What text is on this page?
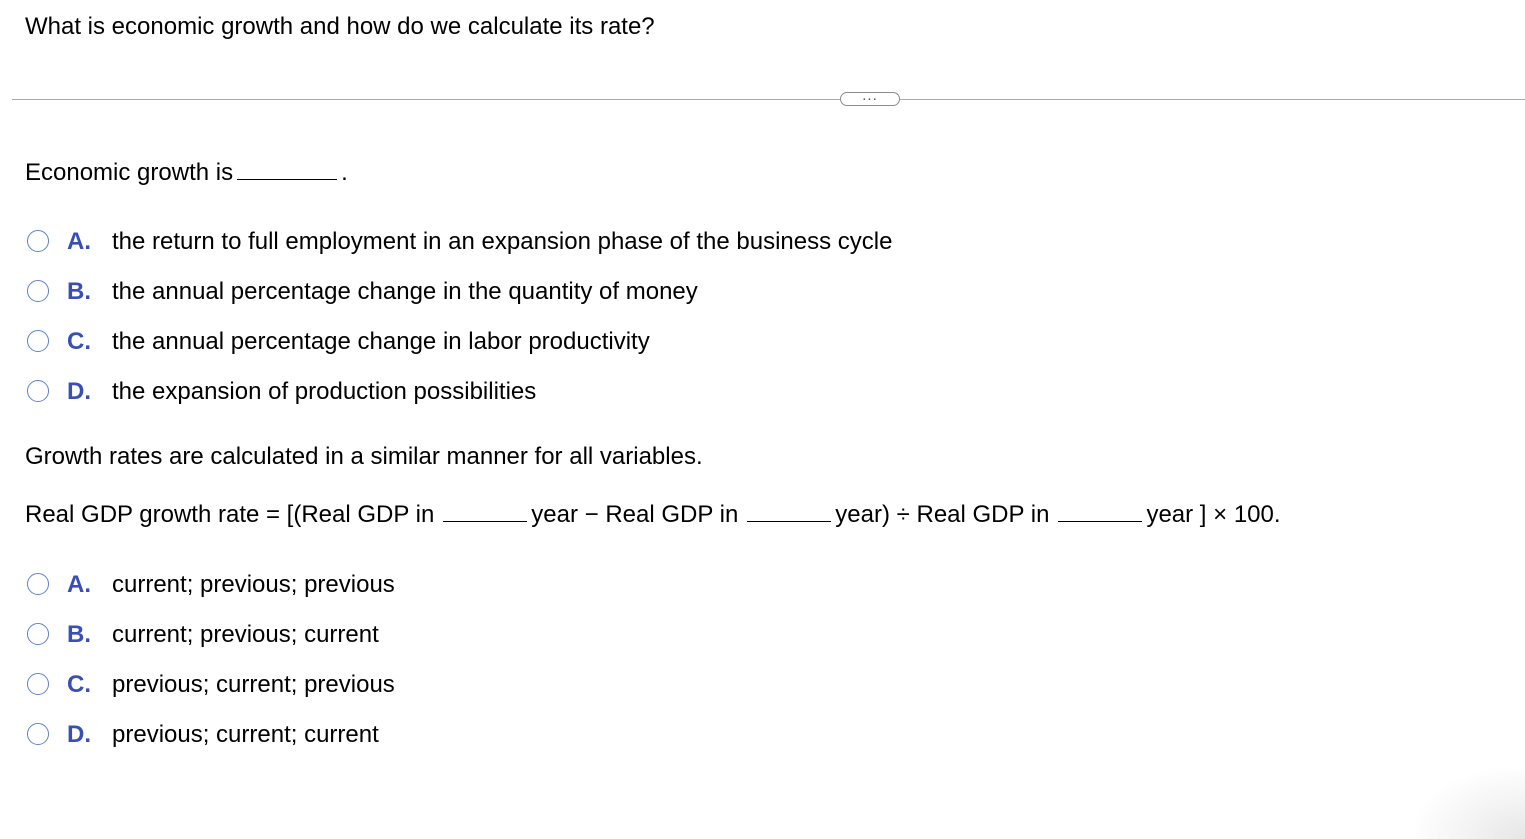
What is economic growth and how do we calculate its rate?
...
Economic growth is	.
A. the return to full employment in an expansion phase of the business cycle
B. the annual percentage change in the quantity of money
C. the annual percentage change in labor productivity
D. the expansion of production possibilities
Growth rates are calculated in a similar manner for all variables.
Real GDP growth rate = [(Real GDP in	year − Real GDP in	year) ÷ Real GDP in	year ] × 100.
A. current; previous; previous
B. current; previous; current
C. previous; current; previous
D. previous; current; current
